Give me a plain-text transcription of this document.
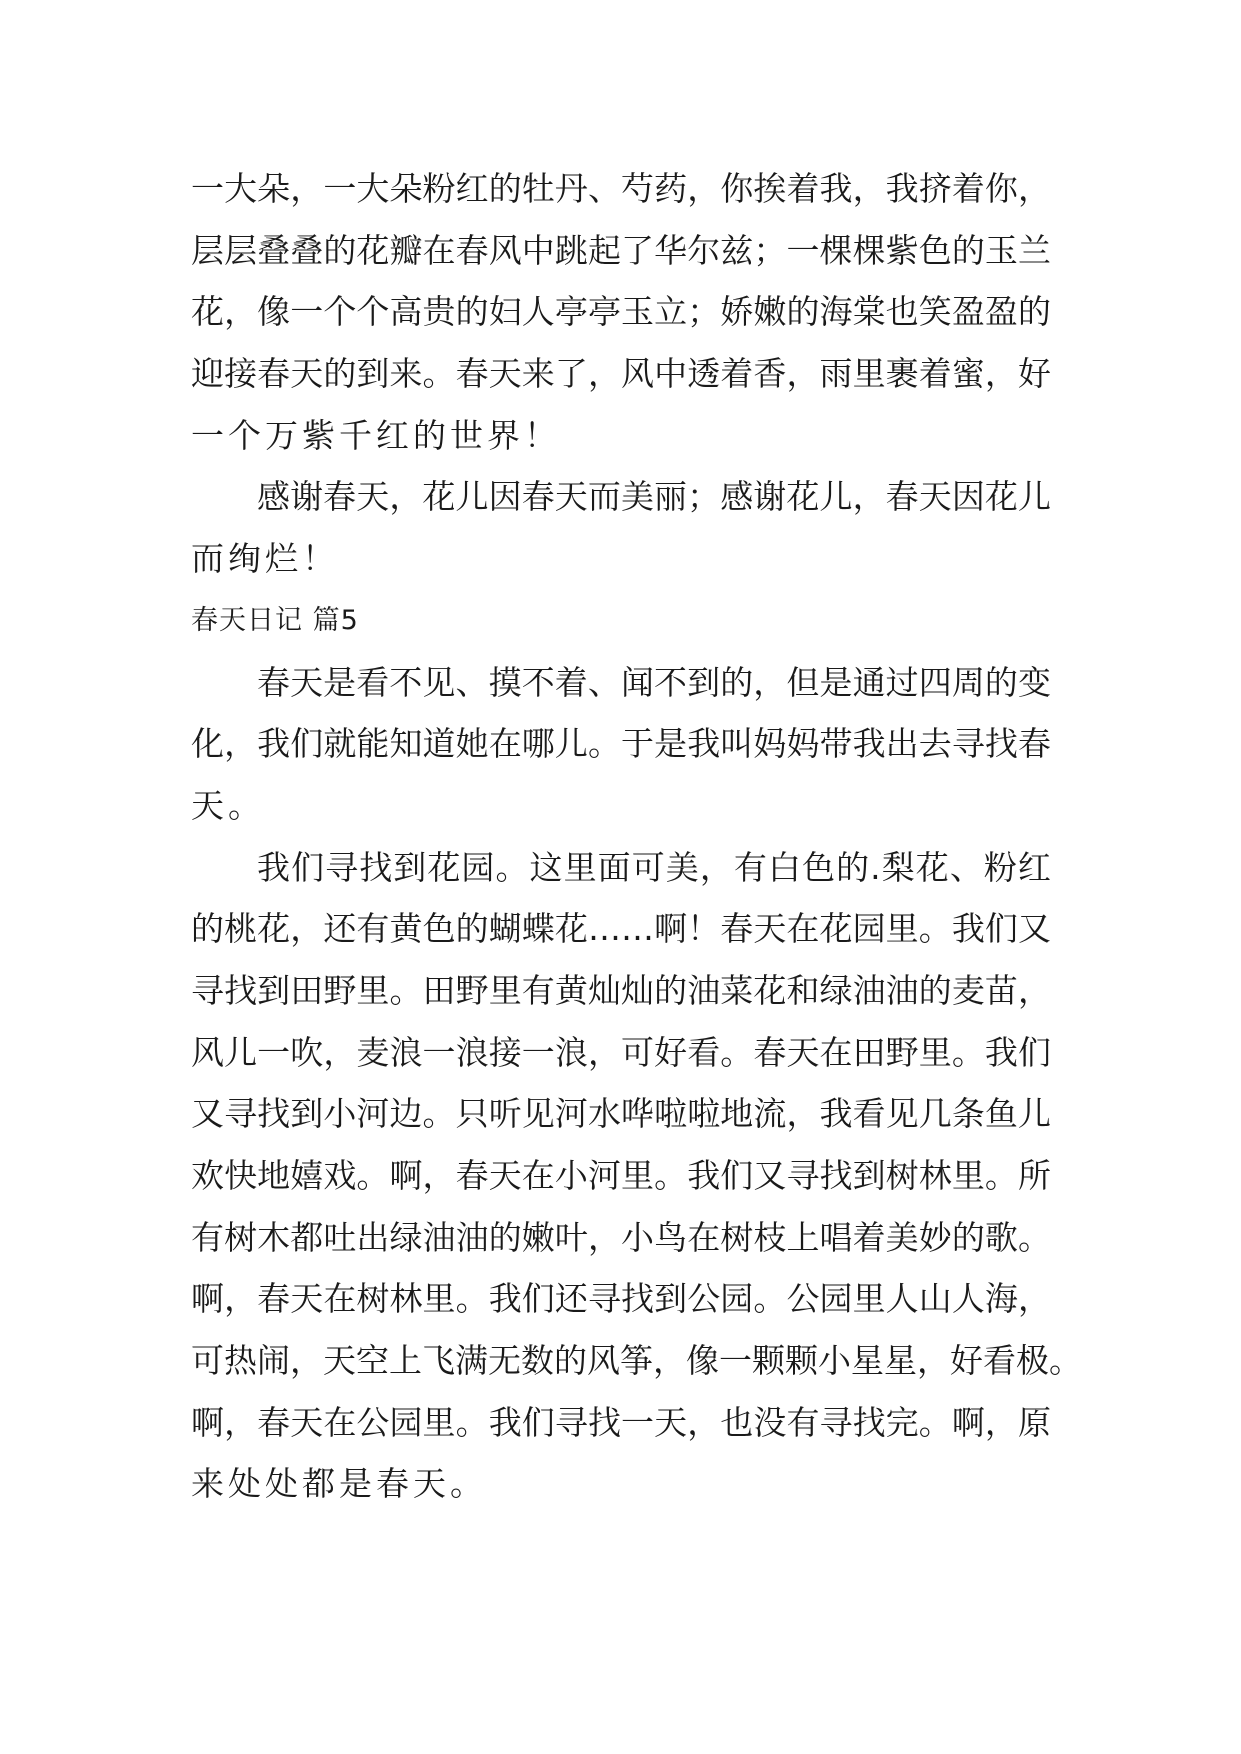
一大朵，一大朵粉红的牡丹、芍药，你挨着我，我挤着你，
层层叠叠的花瓣在春风中跳起了华尔兹；一棵棵紫色的玉兰
花，像一个个高贵的妇人亭亭玉立；娇嫩的海棠也笑盈盈的
迎接春天的到来。春天来了，风中透着香，雨里裹着蜜，好
一个万紫千红的世界！
感谢春天，花儿因春天而美丽；感谢花儿，春天因花儿
而绚烂！
春天日记 篇5
春天是看不见、摸不着、闻不到的，但是通过四周的变
化，我们就能知道她在哪儿。于是我叫妈妈带我出去寻找春
天。
我们寻找到花园。这里面可美，有白色的.梨花、粉红
的桃花，还有黄色的蝴蝶花……啊！春天在花园里。我们又
寻找到田野里。田野里有黄灿灿的油菜花和绿油油的麦苗，
风儿一吹，麦浪一浪接一浪，可好看。春天在田野里。我们
又寻找到小河边。只听见河水哗啦啦地流，我看见几条鱼儿
欢快地嬉戏。啊，春天在小河里。我们又寻找到树林里。所
有树木都吐出绿油油的嫩叶，小鸟在树枝上唱着美妙的歌。
啊，春天在树林里。我们还寻找到公园。公园里人山人海，
可热闹，天空上飞满无数的风筝，像一颗颗小星星，好看极。
啊，春天在公园里。我们寻找一天，也没有寻找完。啊，原
来处处都是春天。
